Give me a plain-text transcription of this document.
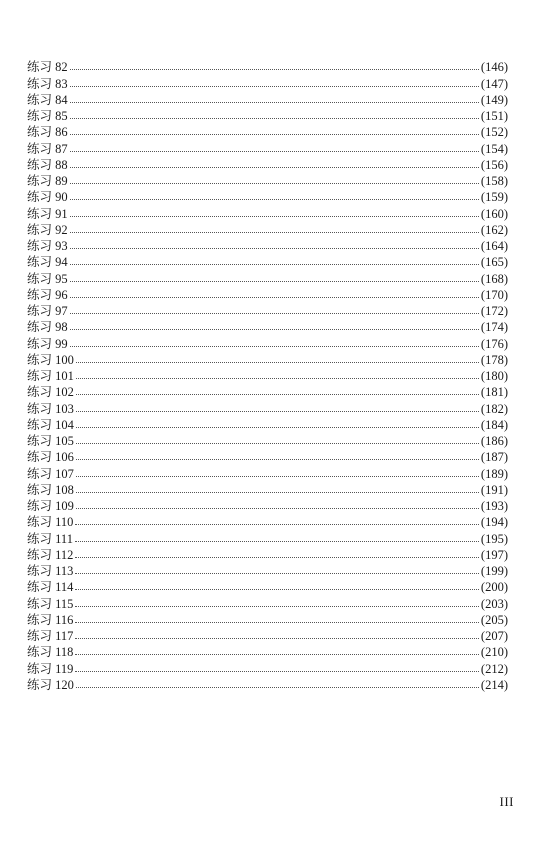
练习 82	(146)
练习 83	(147)
练习 84	(149)
练习 85	(151)
练习 86	(152)
练习 87	(154)
练习 88	(156)
练习 89	(158)
练习 90	(159)
练习 91	(160)
练习 92	(162)
练习 93	(164)
练习 94	(165)
练习 95	(168)
练习 96	(170)
练习 97	(172)
练习 98	(174)
练习 99	(176)
练习 100	(178)
练习 101	(180)
练习 102	(181)
练习 103	(182)
练习 104	(184)
练习 105	(186)
练习 106	(187)
练习 107	(189)
练习 108	(191)
练习 109	(193)
练习 110	(194)
练习 111	(195)
练习 112	(197)
练习 113	(199)
练习 114	(200)
练习 115	(203)
练习 116	(205)
练习 117	(207)
练习 118	(210)
练习 119	(212)
练习 120	(214)
III
